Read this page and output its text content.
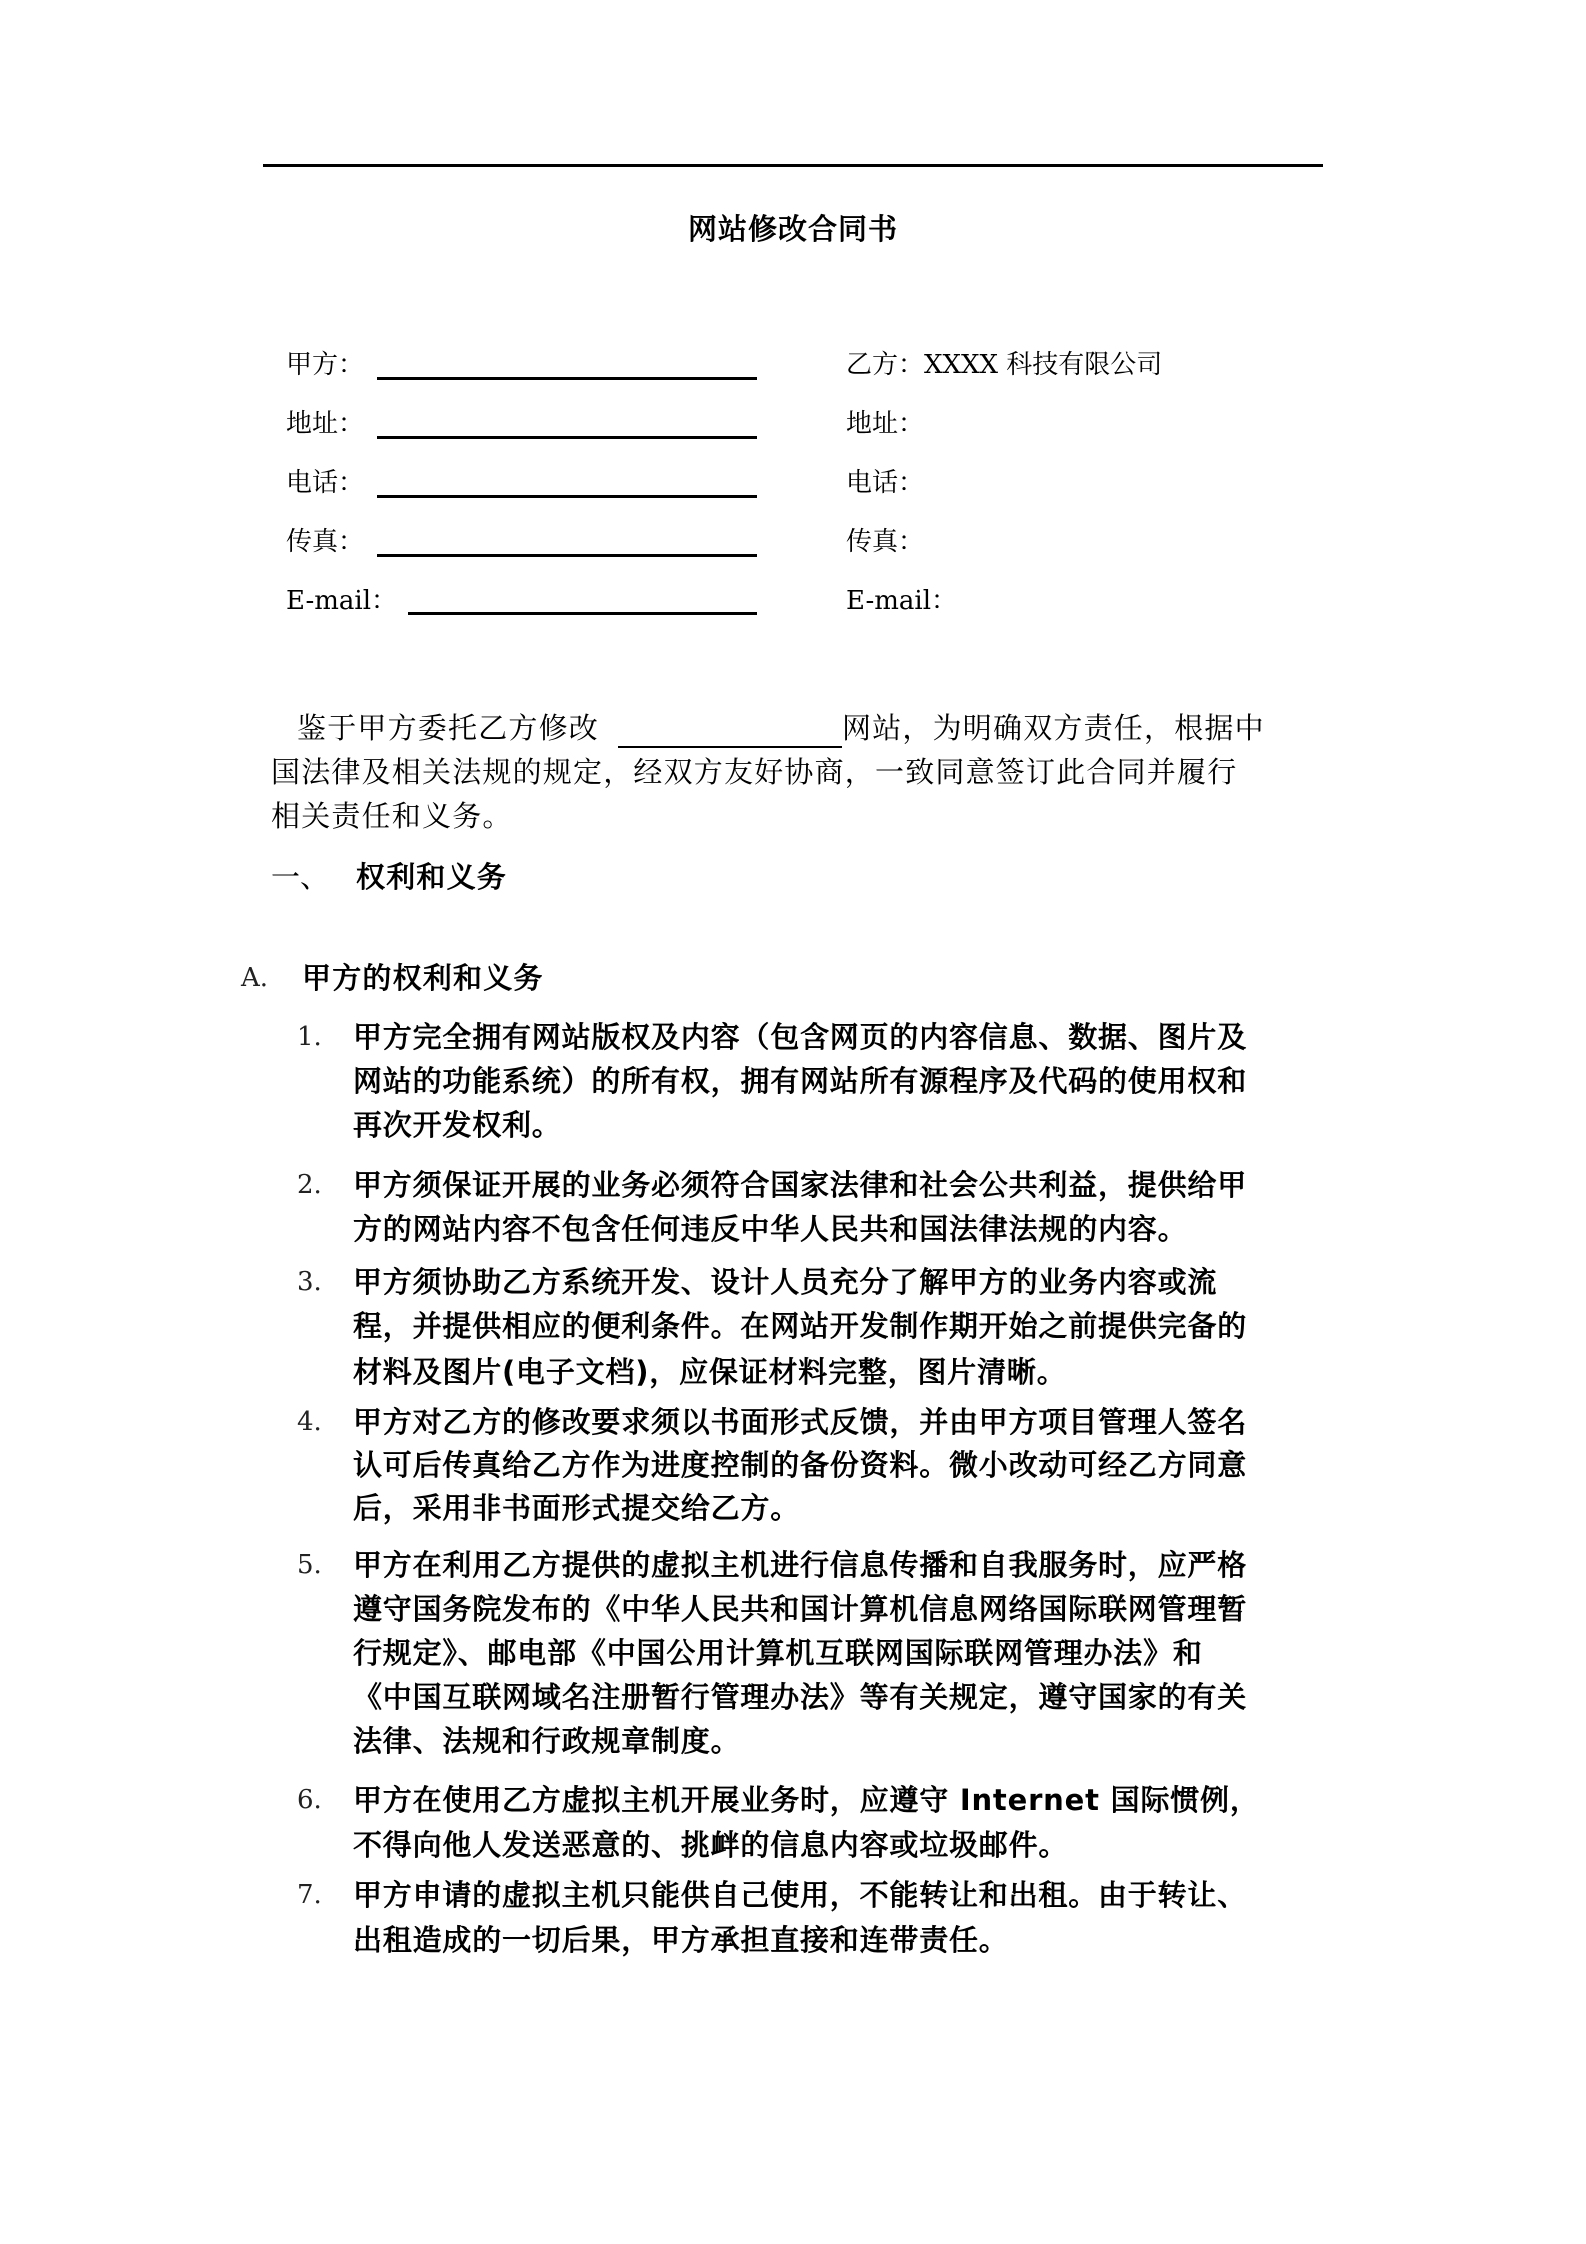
网站修改合同书
甲方：
地址：
电话：
传真：
E-mail：
乙方：XXXX 科技有限公司
地址：
电话：
传真：
E-mail：
鉴于甲方委托乙方修改	网站，为明确双方责任，根据中
国法律及相关法规的规定，经双方友好协商，一致同意签订此合同并履行
相关责任和义务。
一、 权利和义务
A. 甲方的权利和义务
1. 甲方完全拥有网站版权及内容（包含网页的内容信息、数据、图片及
网站的功能系统）的所有权，拥有网站所有源程序及代码的使用权和
再次开发权利。
2. 甲方须保证开展的业务必须符合国家法律和社会公共利益，提供给甲
方的网站内容不包含任何违反中华人民共和国法律法规的内容。
3. 甲方须协助乙方系统开发、设计人员充分了解甲方的业务内容或流
程，并提供相应的便利条件。在网站开发制作期开始之前提供完备的
材料及图片(电子文档)，应保证材料完整，图片清晰。
4. 甲方对乙方的修改要求须以书面形式反馈，并由甲方项目管理人签名
认可后传真给乙方作为进度控制的备份资料。微小改动可经乙方同意
后，采用非书面形式提交给乙方。
5. 甲方在利用乙方提供的虚拟主机进行信息传播和自我服务时，应严格
遵守国务院发布的《中华人民共和国计算机信息网络国际联网管理暂
行规定》、邮电部《中国公用计算机互联网国际联网管理办法》和
《中国互联网域名注册暂行管理办法》等有关规定，遵守国家的有关
法律、法规和行政规章制度。
6. 甲方在使用乙方虚拟主机开展业务时，应遵守 Internet 国际惯例，
不得向他人发送恶意的、挑衅的信息内容或垃圾邮件。
7. 甲方申请的虚拟主机只能供自己使用，不能转让和出租。由于转让、
出租造成的一切后果，甲方承担直接和连带责任。
